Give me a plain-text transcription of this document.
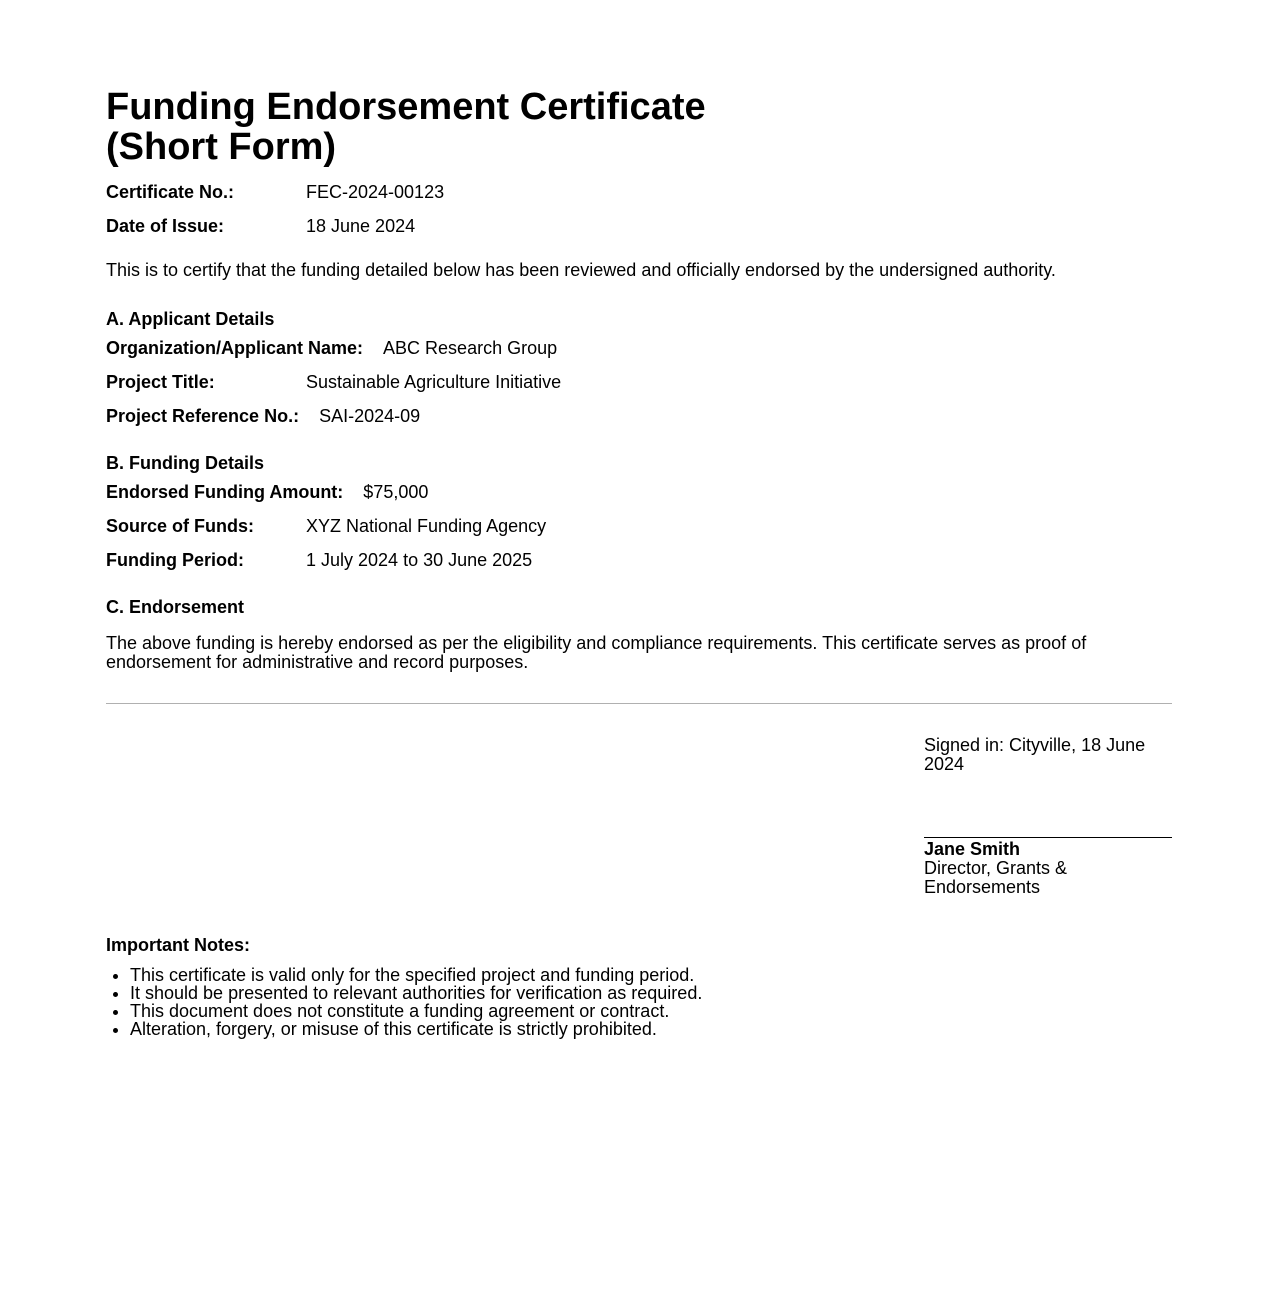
Funding Endorsement Certificate
(Short Form)

Certificate No.:	FEC-2024-00123

Date of Issue:	18 June 2024

This is to certify that the funding detailed below has been reviewed and officially endorsed by the undersigned authority.

A. Applicant Details

Organization/Applicant Name: ABC Research Group

Project Title:	Sustainable Agriculture Initiative

Project Reference No.: SAI-2024-09

B. Funding Details

Endorsed Funding Amount: $75,000

Source of Funds:	XYZ National Funding Agency

Funding Period:	1 July 2024 to 30 June 2025

C. Endorsement

The above funding is hereby endorsed as per the eligibility and compliance requirements. This certificate serves as proof of endorsement for administrative and record purposes.

Signed in: Cityville, 18 June 2024

Jane Smith

Director, Grants & Endorsements

Important Notes:

• This certificate is valid only for the specified project and funding period.
• It should be presented to relevant authorities for verification as required.
• This document does not constitute a funding agreement or contract.
• Alteration, forgery, or misuse of this certificate is strictly prohibited.
